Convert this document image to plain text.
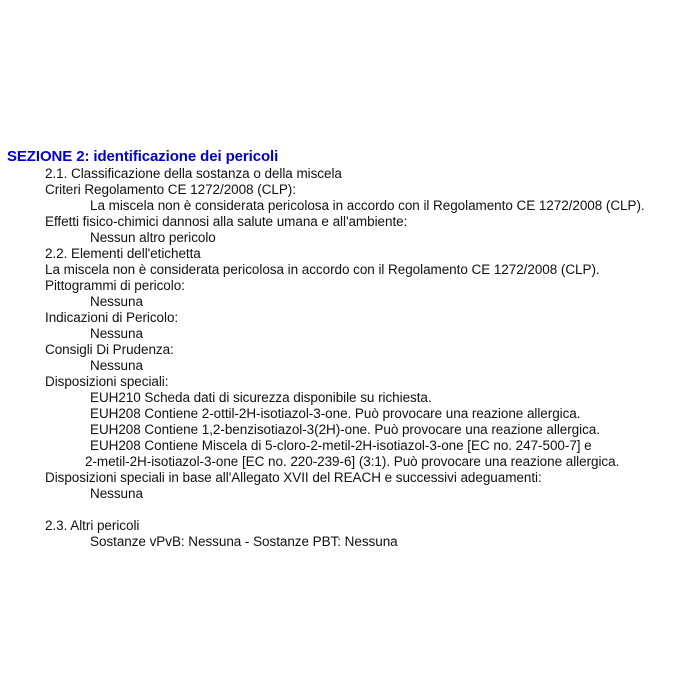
SEZIONE 2: identificazione dei pericoli
2.1. Classificazione della sostanza o della miscela
Criteri Regolamento CE 1272/2008 (CLP):
La miscela non è considerata pericolosa in accordo con il Regolamento CE 1272/2008 (CLP).
Effetti fisico-chimici dannosi alla salute umana e all'ambiente:
Nessun altro pericolo
2.2. Elementi dell'etichetta
La miscela non è considerata pericolosa in accordo con il Regolamento CE 1272/2008 (CLP).
Pittogrammi di pericolo:
Nessuna
Indicazioni di Pericolo:
Nessuna
Consigli Di Prudenza:
Nessuna
Disposizioni speciali:
EUH210 Scheda dati di sicurezza disponibile su richiesta.
EUH208 Contiene 2-ottil-2H-isotiazol-3-one. Può provocare una reazione allergica.
EUH208 Contiene 1,2-benzisotiazol-3(2H)-one. Può provocare una reazione allergica.
EUH208 Contiene Miscela di 5-cloro-2-metil-2H-isotiazol-3-one [EC no. 247-500-7] e
2-metil-2H-isotiazol-3-one [EC no. 220-239-6] (3:1). Può provocare una reazione allergica.
Disposizioni speciali in base all'Allegato XVII del REACH e successivi adeguamenti:
Nessuna
2.3. Altri pericoli
Sostanze vPvB: Nessuna - Sostanze PBT: Nessuna
